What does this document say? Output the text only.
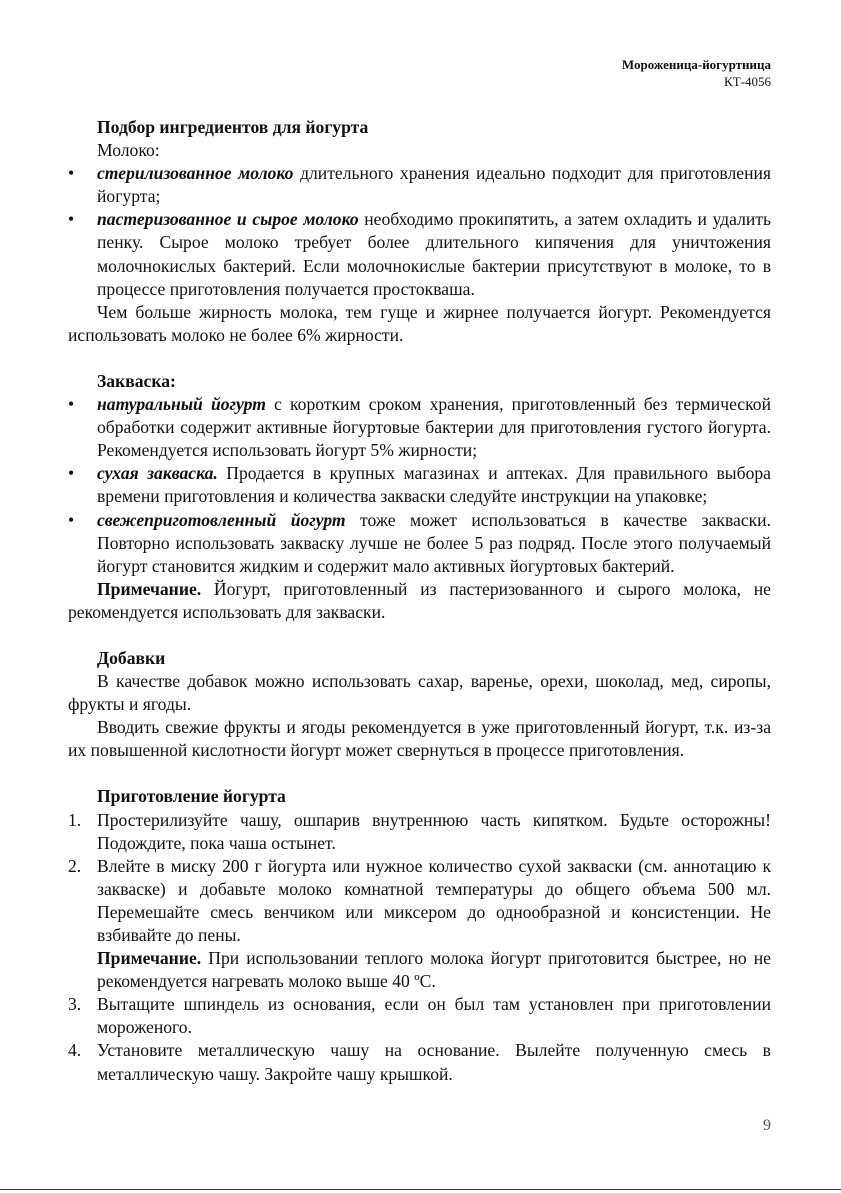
Мороженица-йогуртница
КТ-4056
Подбор ингредиентов для йогурта
Молоко:
• стерилизованное молоко длительного хранения идеально подходит для приготовления йогурта;
• пастеризованное и сырое молоко необходимо прокипятить, а затем охладить и удалить пенку. Сырое молоко требует более длительного кипячения для уничтожения молочнокислых бактерий. Если молочнокислые бактерии присутствуют в молоке, то в процессе приготовления получается простокваша.
Чем больше жирность молока, тем гуще и жирнее получается йогурт. Рекомендуется использовать молоко не более 6% жирности.
Закваска:
• натуральный йогурт с коротким сроком хранения, приготовленный без термической обработки содержит активные йогуртовые бактерии для приготовления густого йогурта. Рекомендуется использовать йогурт 5% жирности;
• сухая закваска. Продается в крупных магазинах и аптеках. Для правильного выбора времени приготовления и количества закваски следуйте инструкции на упаковке;
• свежеприготовленный йогурт тоже может использоваться в качестве закваски. Повторно использовать закваску лучше не более 5 раз подряд. После этого получаемый йогурт становится жидким и содержит мало активных йогуртовых бактерий.
Примечание. Йогурт, приготовленный из пастеризованного и сырого молока, не рекомендуется использовать для закваски.
Добавки
В качестве добавок можно использовать сахар, варенье, орехи, шоколад, мед, сиропы, фрукты и ягоды.
Вводить свежие фрукты и ягоды рекомендуется в уже приготовленный йогурт, т.к. из-за их повышенной кислотности йогурт может свернуться в процессе приготовления.
Приготовление йогурта
1. Простерилизуйте чашу, ошпарив внутреннюю часть кипятком. Будьте осторожны! Подождите, пока чаша остынет.
2. Влейте в миску 200 г йогурта или нужное количество сухой закваски (см. аннотацию к закваске) и добавьте молоко комнатной температуры до общего объема 500 мл. Перемешайте смесь венчиком или миксером до однообразной и консистенции. Не взбивайте до пены.
Примечание. При использовании теплого молока йогурт приготовится быстрее, но не рекомендуется нагревать молоко выше 40 ºС.
3. Вытащите шпиндель из основания, если он был там установлен при приготовлении мороженого.
4. Установите металлическую чашу на основание. Вылейте полученную смесь в металлическую чашу. Закройте чашу крышкой.
9
